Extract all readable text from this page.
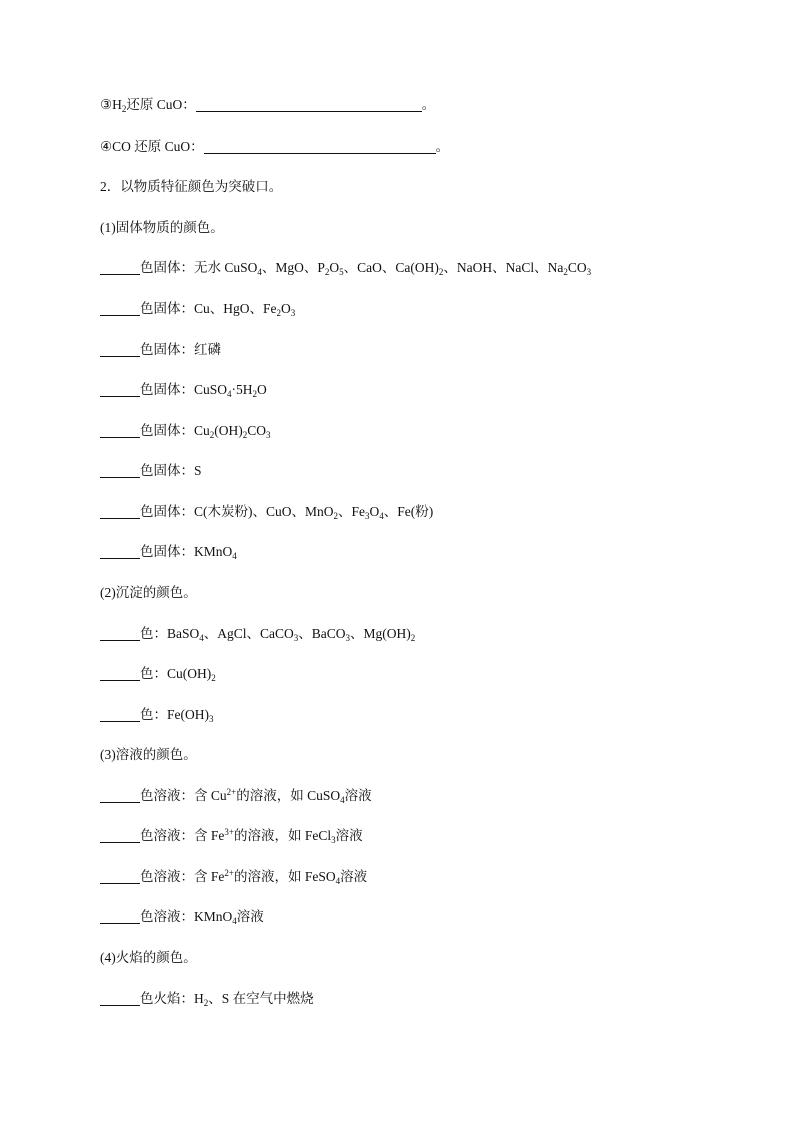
$③H_2$还原 CuO：	。
④CO 还原 CuO：	。
2．以物质特征颜色为突破口。
(1)固体物质的颜色。
色固体：无水 CuSO$_4$、MgO、$P_2O_5$、CaO、$Ca(OH)_2$、NaOH、NaCl、$Na_2CO_3$
色固体：Cu、HgO、$Fe_2O_3$
色固体：红磷
色固体：$CuSO_4\cdot 5H_2O$
色固体：$Cu_2(OH)_2CO_3$
色固体：S
色固体：C(木炭粉)、CuO、MnO$_2$、$Fe_3O_4$、Fe(粉)
色固体：KMnO$_4$
(2)沉淀的颜色。
色：BaSO$_4$、AgCl、CaCO$_3$、BaCO$_3$、$Mg(OH)_2$
色：$Cu(OH)_2$
色：$Fe(OH)_3$
(3)溶液的颜色。
色溶液：含 $Cu^{2+}$的溶液，如 CuSO$_4$溶液
色溶液：含 $Fe^{3+}$的溶液，如 FeCl$_3$溶液
色溶液：含 $Fe^{2+}$的溶液，如 FeSO$_4$溶液
色溶液：KMnO$_4$溶液
(4)火焰的颜色。
色火焰：$H_2$、S 在空气中燃烧
